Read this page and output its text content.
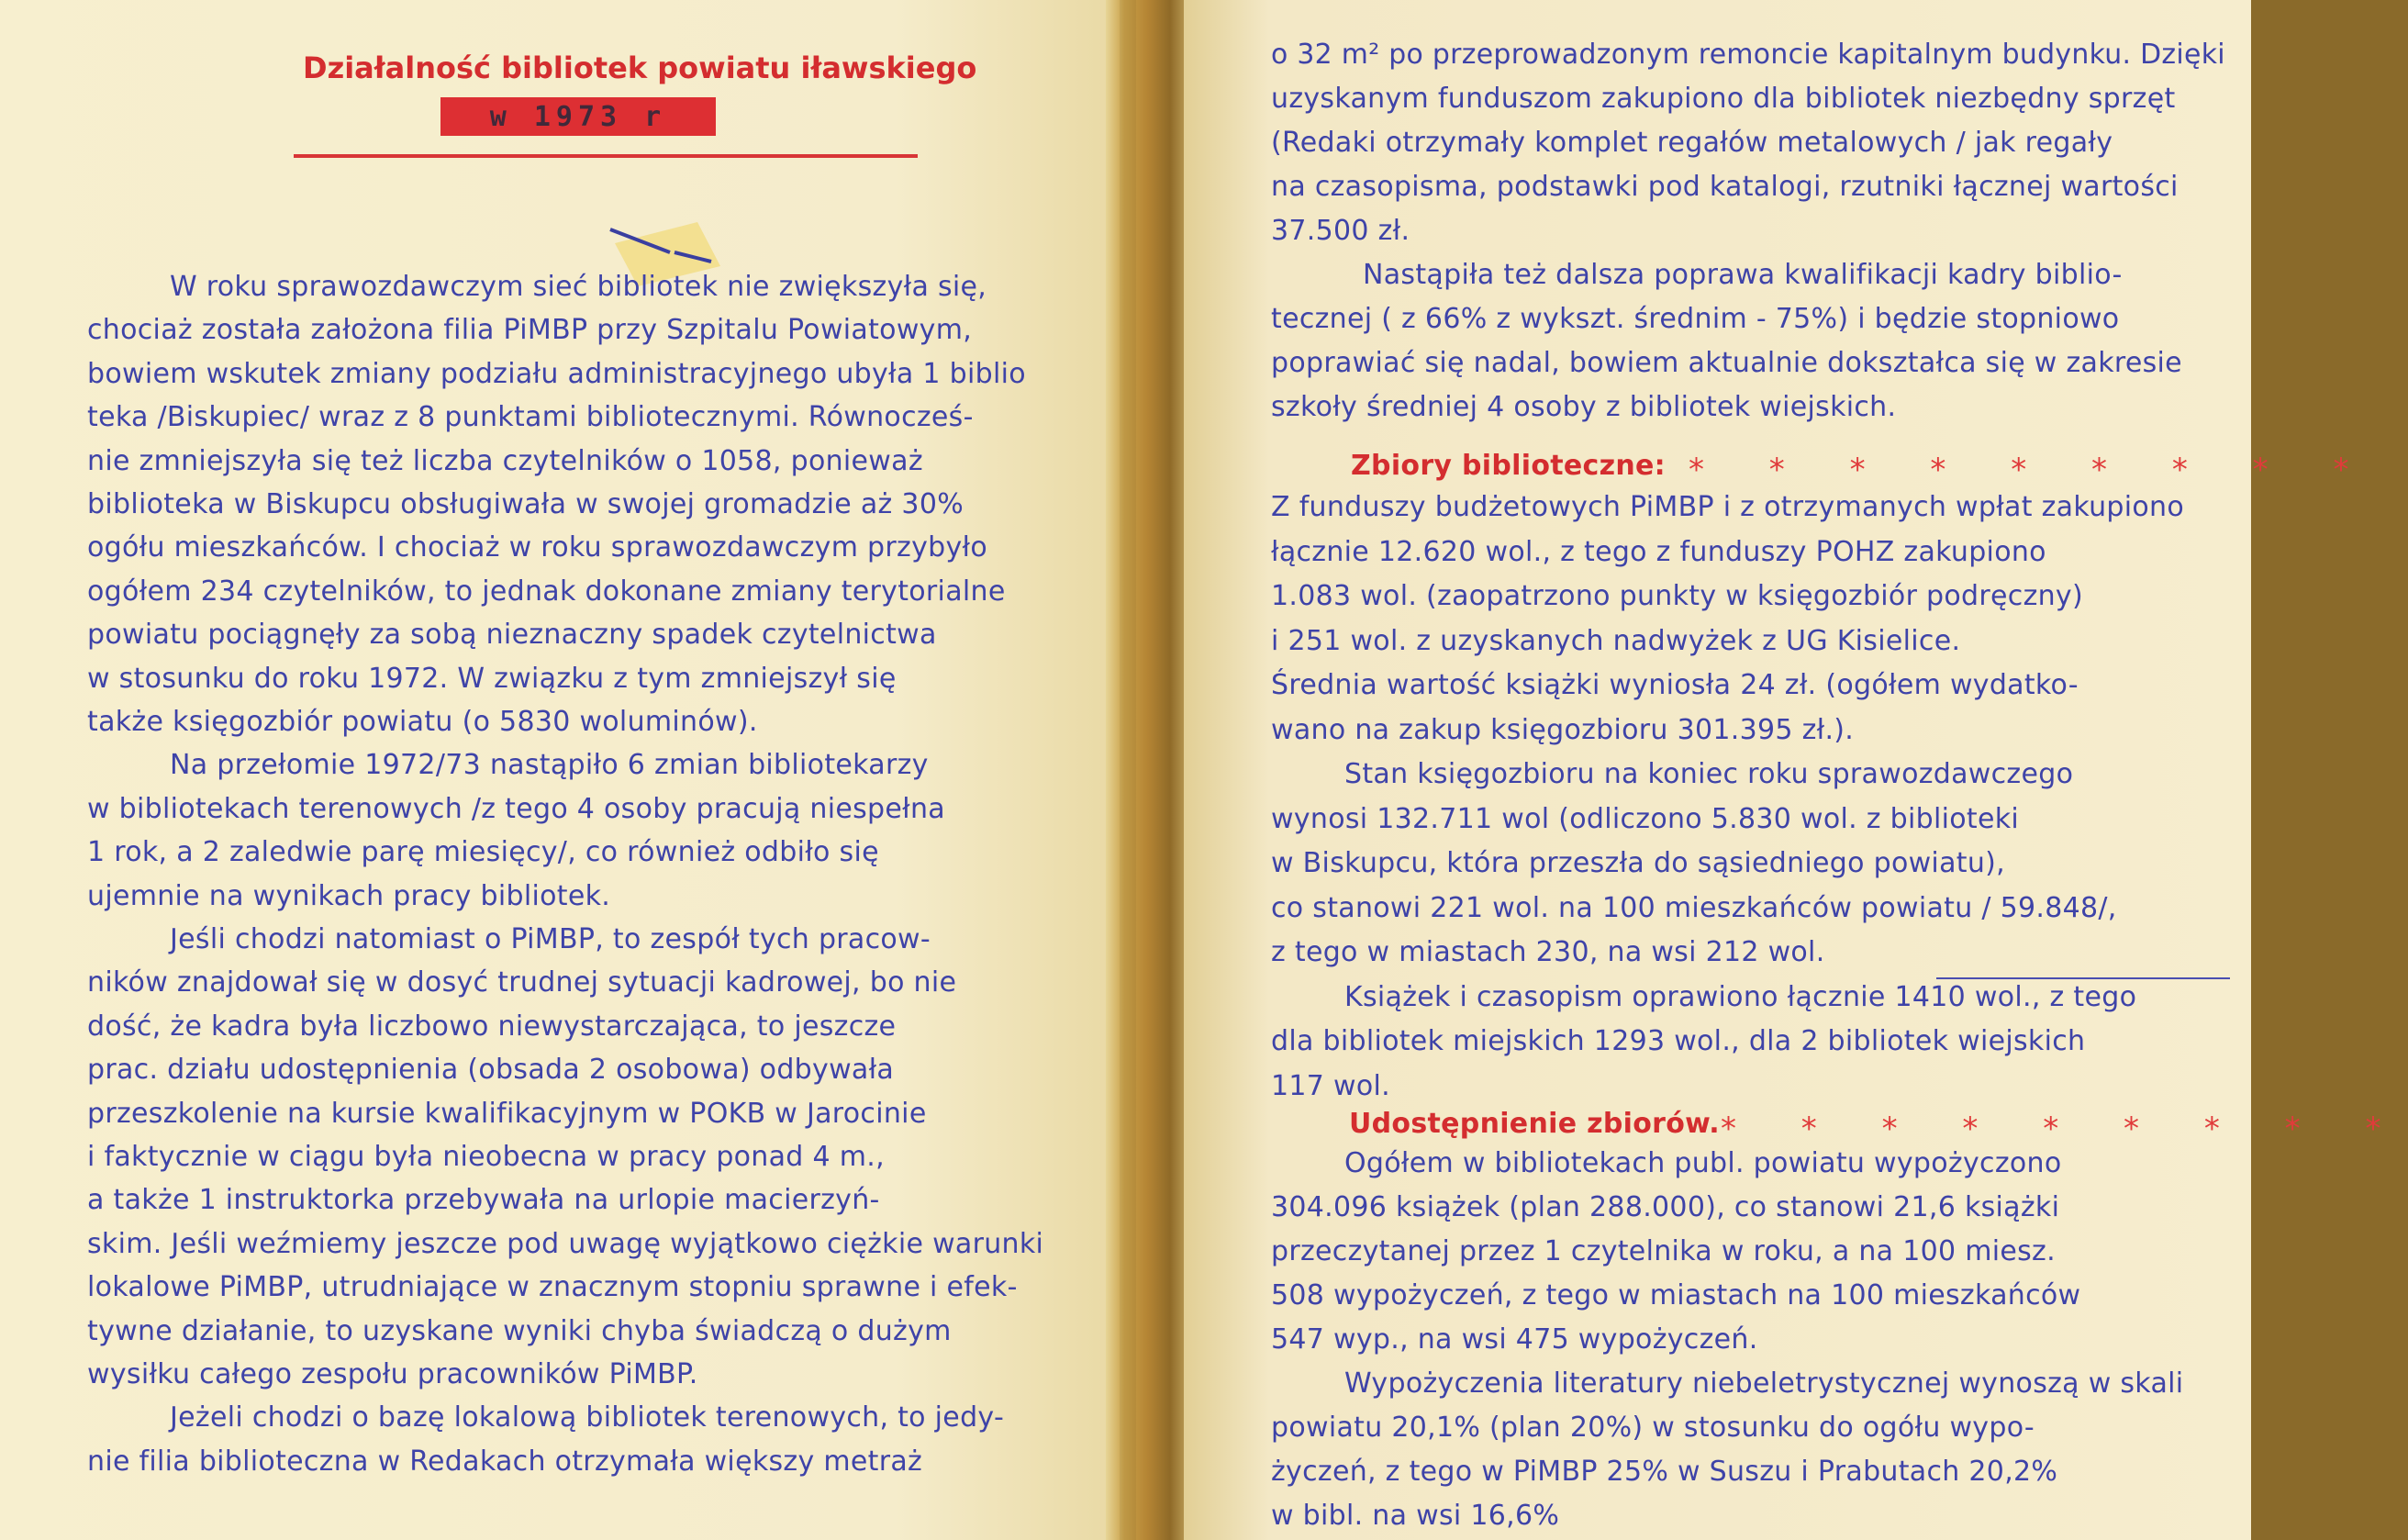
Działalność bibliotek powiatu iławskiego
w 1973 r
W roku sprawozdawczym sieć bibliotek nie zwiększyła się,
chociaż została założona filia PiMBP przy Szpitalu Powiatowym,
bowiem wskutek zmiany podziału administracyjnego ubyła 1 biblio
teka /Biskupiec/ wraz z 8 punktami bibliotecznymi. Równocześ-
nie zmniejszyła się też liczba czytelników o 1058, ponieważ
biblioteka w Biskupcu obsługiwała w swojej gromadzie aż 30%
ogółu mieszkańców. I chociaż w roku sprawozdawczym przybyło
ogółem 234 czytelników, to jednak dokonane zmiany terytorialne
powiatu pociągnęły za sobą nieznaczny spadek czytelnictwa
w stosunku do roku 1972. W związku z tym zmniejszył się
także księgozbiór powiatu (o 5830 woluminów).
Na przełomie 1972/73 nastąpiło 6 zmian bibliotekarzy
w bibliotekach terenowych /z tego 4 osoby pracują niespełna
1 rok, a 2 zaledwie parę miesięcy/, co również odbiło się
ujemnie na wynikach pracy bibliotek.
Jeśli chodzi natomiast o PiMBP, to zespół tych pracow-
ników znajdował się w dosyć trudnej sytuacji kadrowej, bo nie
dość, że kadra była liczbowo niewystarczająca, to jeszcze
prac. działu udostępnienia (obsada 2 osobowa) odbywała
przeszkolenie na kursie kwalifikacyjnym w POKB w Jarocinie
i faktycznie w ciągu była nieobecna w pracy ponad 4 m.,
a także 1 instruktorka przebywała na urlopie macierzyń-
skim. Jeśli weźmiemy jeszcze pod uwagę wyjątkowo ciężkie warunki
lokalowe PiMBP, utrudniające w znacznym stopniu sprawne i efek-
tywne działanie, to uzyskane wyniki chyba świadczą o dużym
wysiłku całego zespołu pracowników PiMBP.
Jeżeli chodzi o bazę lokalową bibliotek terenowych, to jedy-
nie filia biblioteczna w Redakach otrzymała większy metraż
o 32 m² po przeprowadzonym remoncie kapitalnym budynku. Dzięki
uzyskanym funduszom zakupiono dla bibliotek niezbędny sprzęt
(Redaki otrzymały komplet regałów metalowych / jak regały
na czasopisma, podstawki pod katalogi, rzutniki łącznej wartości
37.500 zł.
Nastąpiła też dalsza poprawa kwalifikacji kadry biblio-
tecznej ( z 66% z wykszt. średnim - 75%) i będzie stopniowo
poprawiać się nadal, bowiem aktualnie dokształca się w zakresie
szkoły średniej 4 osoby z bibliotek wiejskich.
Zbiory biblioteczne: * * * * * * * * *
Z funduszy budżetowych PiMBP i z otrzymanych wpłat zakupiono
łącznie 12.620 wol., z tego z funduszy POHZ zakupiono
1.083 wol. (zaopatrzono punkty w księgozbiór podręczny)
i 251 wol. z uzyskanych nadwyżek z UG Kisielice.
Średnia wartość książki wyniosła 24 zł. (ogółem wydatko-
wano na zakup księgozbioru 301.395 zł.).
Stan księgozbioru na koniec roku sprawozdawczego
wynosi 132.711 wol (odliczono 5.830 wol. z biblioteki
w Biskupcu, która przeszła do sąsiedniego powiatu),
co stanowi 221 wol. na 100 mieszkańców powiatu / 59.848/,
z tego w miastach 230, na wsi 212 wol.
Książek i czasopism oprawiono łącznie 1410 wol., z tego
dla bibliotek miejskich 1293 wol., dla 2 bibliotek wiejskich
117 wol.
Udostępnienie zbiorów. * * * * * * * * *
Ogółem w bibliotekach publ. powiatu wypożyczono
304.096 książek (plan 288.000), co stanowi 21,6 książki
przeczytanej przez 1 czytelnika w roku, a na 100 miesz.
508 wypożyczeń, z tego w miastach na 100 mieszkańców
547 wyp., na wsi 475 wypożyczeń.
Wypożyczenia literatury niebeletrystycznej wynoszą w skali
powiatu 20,1% (plan 20%) w stosunku do ogółu wypo-
życzeń, z tego w PiMBP 25% w Suszu i Prabutach 20,2%
w bibl. na wsi 16,6%
